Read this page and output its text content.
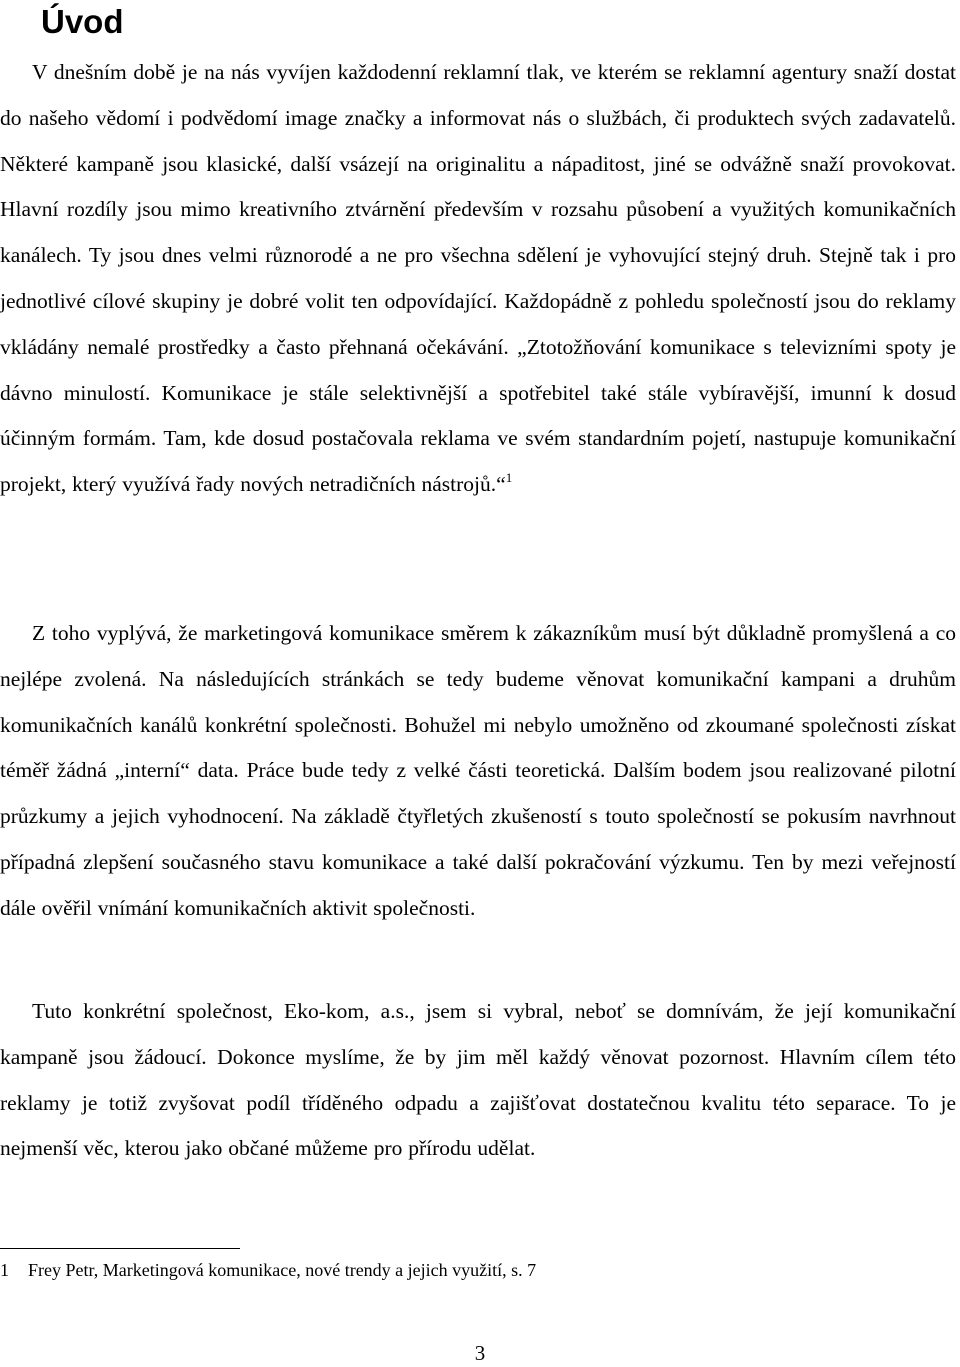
Úvod

V dnešním době je na nás vyvíjen každodenní reklamní tlak, ve kterém se reklamní agentury snaží dostat do našeho vědomí i podvědomí image značky a informovat nás o službách, či produktech svých zadavatelů. Některé kampaně jsou klasické, další vsázejí na originalitu a nápaditost, jiné se odvážně snaží provokovat. Hlavní rozdíly jsou mimo kreativního ztvárnění především v rozsahu působení a využitých komunikačních kanálech. Ty jsou dnes velmi různorodé a ne pro všechna sdělení je vyhovující stejný druh. Stejně tak i pro jednotlivé cílové skupiny je dobré volit ten odpovídající. Každopádně z pohledu společností jsou do reklamy vkládány nemalé prostředky a často přehnaná očekávání. „Ztotožňování komunikace s televizními spoty je dávno minulostí. Komunikace je stále selektivnější a spotřebitel také stále vybíravější, imunní k dosud účinným formám. Tam, kde dosud postačovala reklama ve svém standardním pojetí, nastupuje komunikační projekt, který využívá řady nových netradičních nástrojů.“$^1$

Z toho vyplývá, že marketingová komunikace směrem k zákazníkům musí být důkladně promyšlená a co nejlépe zvolená. Na následujících stránkách se tedy budeme věnovat komunikační kampani a druhům komunikačních kanálů konkrétní společnosti. Bohužel mi nebylo umožněno od zkoumané společnosti získat téměř žádná „interní“ data. Práce bude tedy z velké části teoretická. Dalším bodem jsou realizované pilotní průzkumy a jejich vyhodnocení. Na základě čtyřletých zkušeností s touto společností se pokusím navrhnout případná zlepšení současného stavu komunikace a také další pokračování výzkumu. Ten by mezi veřejností dále ověřil vnímání komunikačních aktivit společnosti.

Tuto konkrétní společnost, Eko-kom, a.s., jsem si vybral, neboť se domnívám, že její komunikační kampaně jsou žádoucí. Dokonce myslíme, že by jim měl každý věnovat pozornost. Hlavním cílem této reklamy je totiž zvyšovat podíl tříděného odpadu a zajišťovat dostatečnou kvalitu této separace. To je nejmenší věc, kterou jako občané můžeme pro přírodu udělat.

1 Frey Petr, Marketingová komunikace, nové trendy a jejich využití, s. 7

3
